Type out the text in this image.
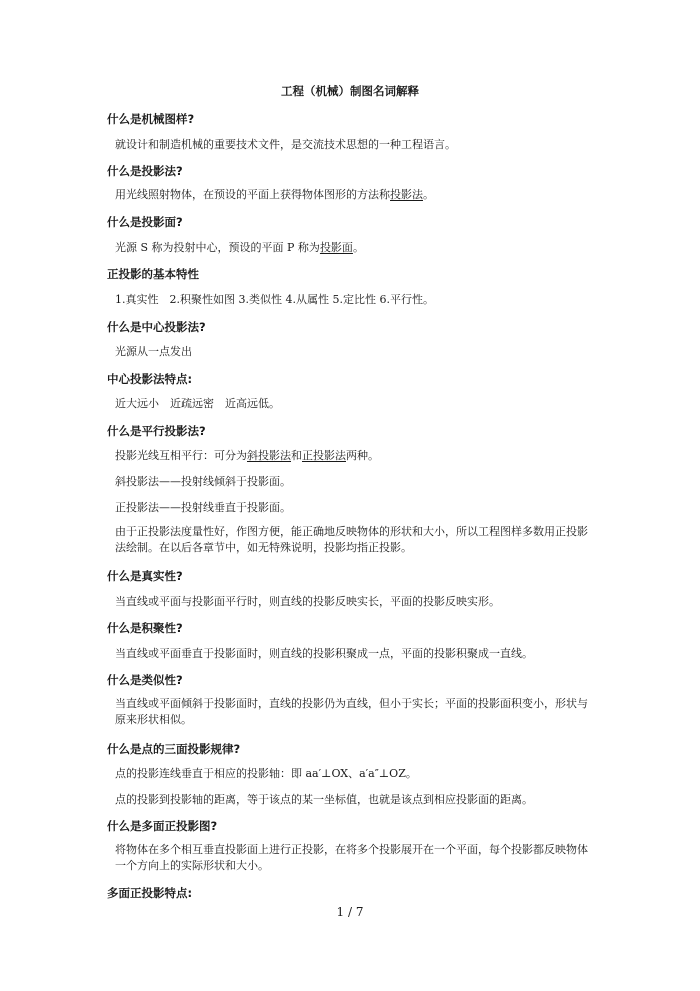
工程（机械）制图名词解释
什么是机械图样?
就设计和制造机械的重要技术文件，是交流技术思想的一种工程语言。
什么是投影法?
用光线照射物体，在预设的平面上获得物体图形的方法称投影法。
什么是投影面?
光源 S 称为投射中心，预设的平面 P 称为投影面。
正投影的基本特性
1.真实性　2.积聚性如图 3.类似性 4.从属性 5.定比性 6.平行性。
什么是中心投影法?
光源从一点发出
中心投影法特点:
近大远小　近疏远密　近高远低。
什么是平行投影法?
投影光线互相平行：可分为斜投影法和正投影法两种。
斜投影法——投射线倾斜于投影面。
正投影法——投射线垂直于投影面。
由于正投影法度量性好，作图方便，能正确地反映物体的形状和大小，所以工程图样多数用正投影法绘制。在以后各章节中，如无特殊说明，投影均指正投影。
什么是真实性?
当直线或平面与投影面平行时，则直线的投影反映实长，平面的投影反映实形。
什么是积聚性?
当直线或平面垂直于投影面时，则直线的投影积聚成一点，平面的投影积聚成一直线。
什么是类似性?
当直线或平面倾斜于投影面时，直线的投影仍为直线，但小于实长；平面的投影面积变小，形状与原来形状相似。
什么是点的三面投影规律?
点的投影连线垂直于相应的投影轴：即 aa′⊥OX、a′a″⊥OZ。
点的投影到投影轴的距离，等于该点的某一坐标值，也就是该点到相应投影面的距离。
什么是多面正投影图?
将物体在多个相互垂直投影面上进行正投影，在将多个投影展开在一个平面，每个投影都反映物体一个方向上的实际形状和大小。
多面正投影特点:
1 / 7
